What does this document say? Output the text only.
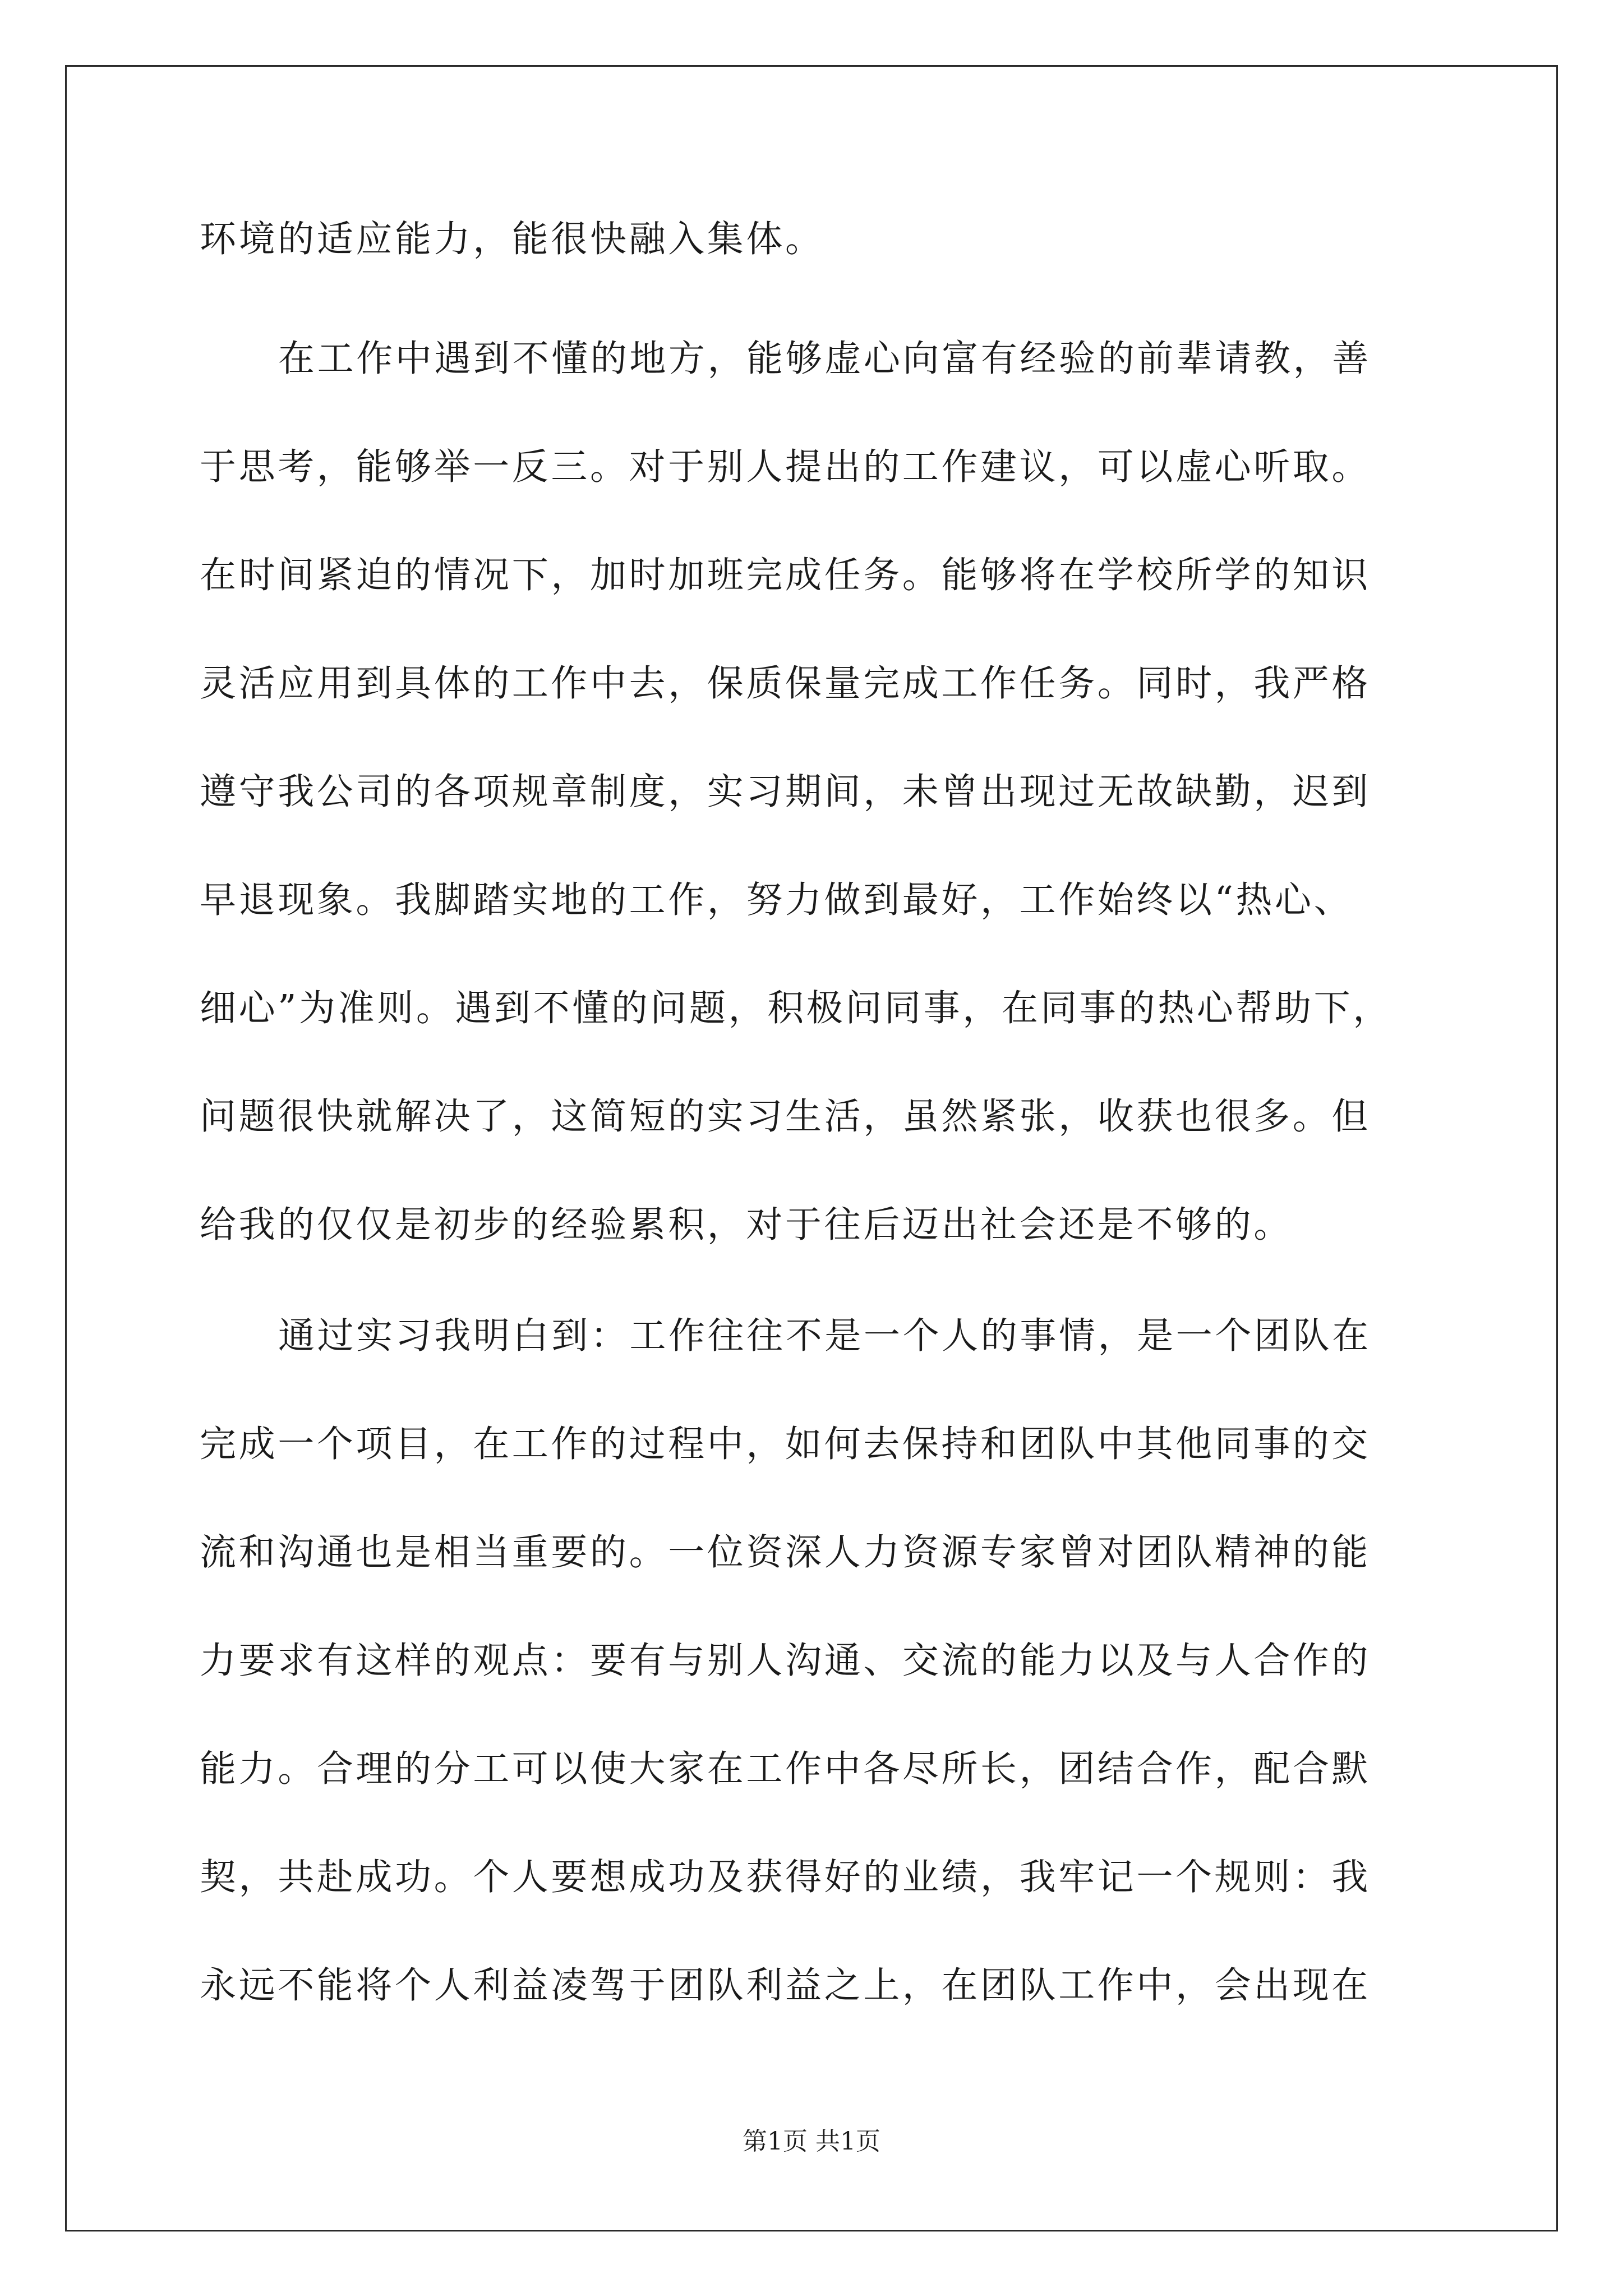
环境的适应能力，能很快融入集体。
在工作中遇到不懂的地方，能够虚心向富有经验的前辈请教，善
于思考，能够举一反三。对于别人提出的工作建议，可以虚心听取。
在时间紧迫的情况下，加时加班完成任务。能够将在学校所学的知识
灵活应用到具体的工作中去，保质保量完成工作任务。同时，我严格
遵守我公司的各项规章制度，实习期间，未曾出现过无故缺勤，迟到
早退现象。我脚踏实地的工作，努力做到最好，工作始终以“热心、
细心”为准则。遇到不懂的问题，积极问同事，在同事的热心帮助下，
问题很快就解决了，这简短的实习生活，虽然紧张，收获也很多。但
给我的仅仅是初步的经验累积，对于往后迈出社会还是不够的。
通过实习我明白到：工作往往不是一个人的事情，是一个团队在
完成一个项目，在工作的过程中，如何去保持和团队中其他同事的交
流和沟通也是相当重要的。一位资深人力资源专家曾对团队精神的能
力要求有这样的观点：要有与别人沟通、交流的能力以及与人合作的
能力。合理的分工可以使大家在工作中各尽所长，团结合作，配合默
契，共赴成功。个人要想成功及获得好的业绩，我牢记一个规则：我
永远不能将个人利益凌驾于团队利益之上，在团队工作中，会出现在
第1页 共1页
